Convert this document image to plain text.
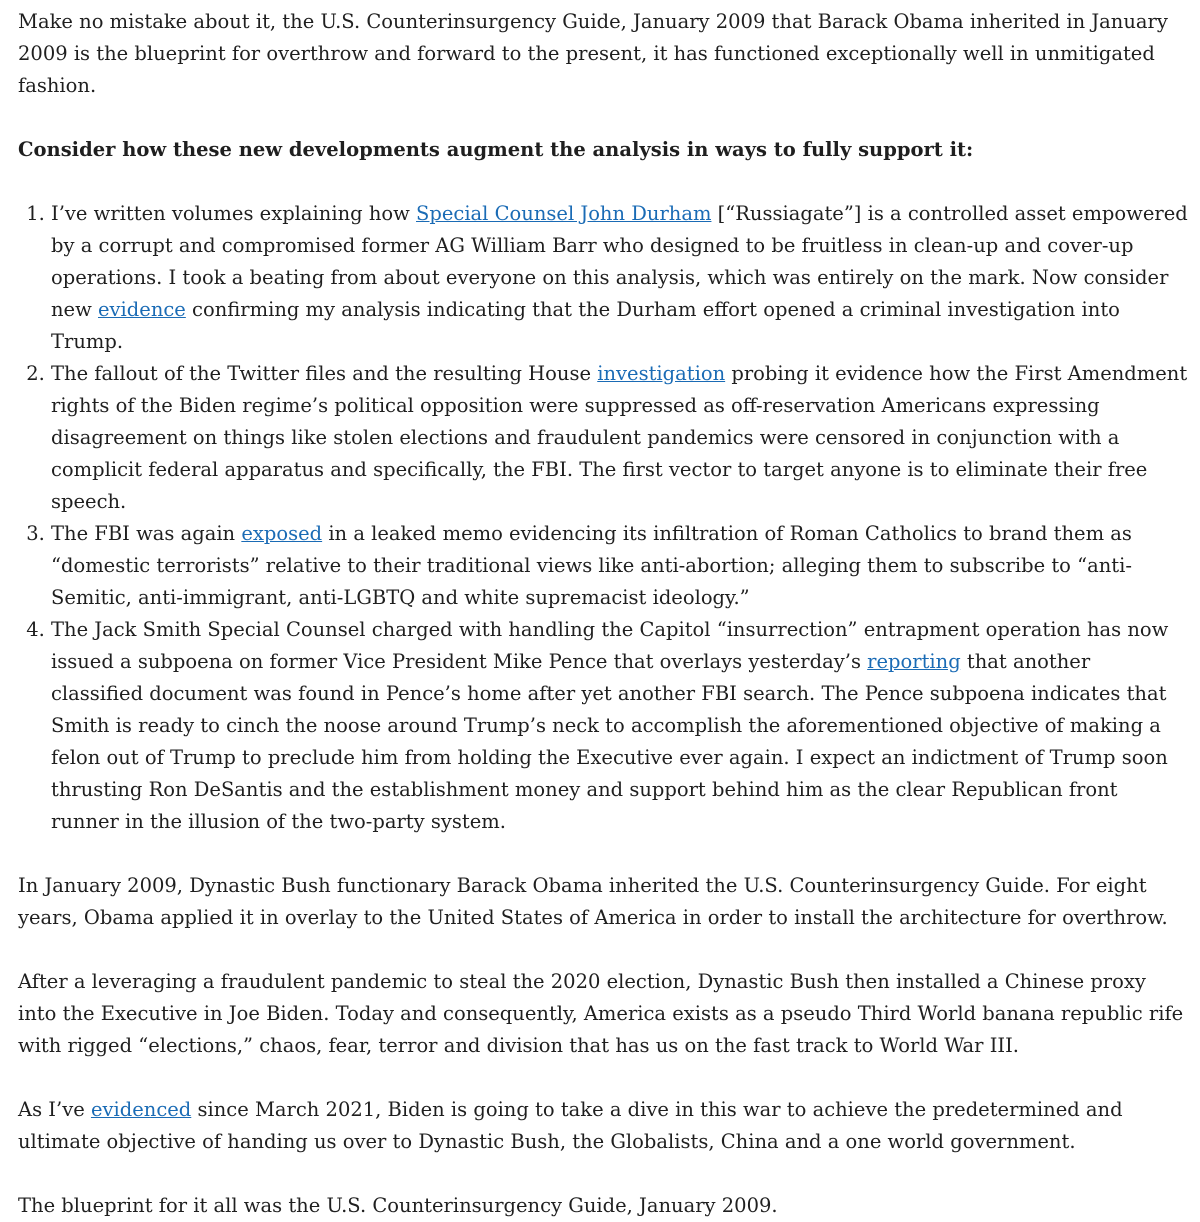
Make no mistake about it, the U.S. Counterinsurgency Guide, January 2009 that Barack Obama inherited in January 2009 is the blueprint for overthrow and forward to the present, it has functioned exceptionally well in unmitigated fashion.

Consider how these new developments augment the analysis in ways to fully support it:
1. I’ve written volumes explaining how Special Counsel John Durham [“Russiagate”] is a controlled asset empowered by a corrupt and compromised former AG William Barr who designed to be fruitless in clean-up and cover-up operations. I took a beating from about everyone on this analysis, which was entirely on the mark. Now consider new evidence confirming my analysis indicating that the Durham effort opened a criminal investigation into Trump.
2. The fallout of the Twitter files and the resulting House investigation probing it evidence how the First Amendment rights of the Biden regime’s political opposition were suppressed as off-reservation Americans expressing disagreement on things like stolen elections and fraudulent pandemics were censored in conjunction with a complicit federal apparatus and specifically, the FBI. The first vector to target anyone is to eliminate their free speech.
3. The FBI was again exposed in a leaked memo evidencing its infiltration of Roman Catholics to brand them as “domestic terrorists” relative to their traditional views like anti-abortion; alleging them to subscribe to “anti-Semitic, anti-immigrant, anti-LGBTQ and white supremacist ideology.”
4. The Jack Smith Special Counsel charged with handling the Capitol “insurrection” entrapment operation has now issued a subpoena on former Vice President Mike Pence that overlays yesterday’s reporting that another classified document was found in Pence’s home after yet another FBI search. The Pence subpoena indicates that Smith is ready to cinch the noose around Trump’s neck to accomplish the aforementioned objective of making a felon out of Trump to preclude him from holding the Executive ever again. I expect an indictment of Trump soon thrusting Ron DeSantis and the establishment money and support behind him as the clear Republican front runner in the illusion of the two-party system.

In January 2009, Dynastic Bush functionary Barack Obama inherited the U.S. Counterinsurgency Guide. For eight years, Obama applied it in overlay to the United States of America in order to install the architecture for overthrow.

After a leveraging a fraudulent pandemic to steal the 2020 election, Dynastic Bush then installed a Chinese proxy into the Executive in Joe Biden. Today and consequently, America exists as a pseudo Third World banana republic rife with rigged “elections,” chaos, fear, terror and division that has us on the fast track to World War III.

As I’ve evidenced since March 2021, Biden is going to take a dive in this war to achieve the predetermined and ultimate objective of handing us over to Dynastic Bush, the Globalists, China and a one world government.

The blueprint for it all was the U.S. Counterinsurgency Guide, January 2009.
